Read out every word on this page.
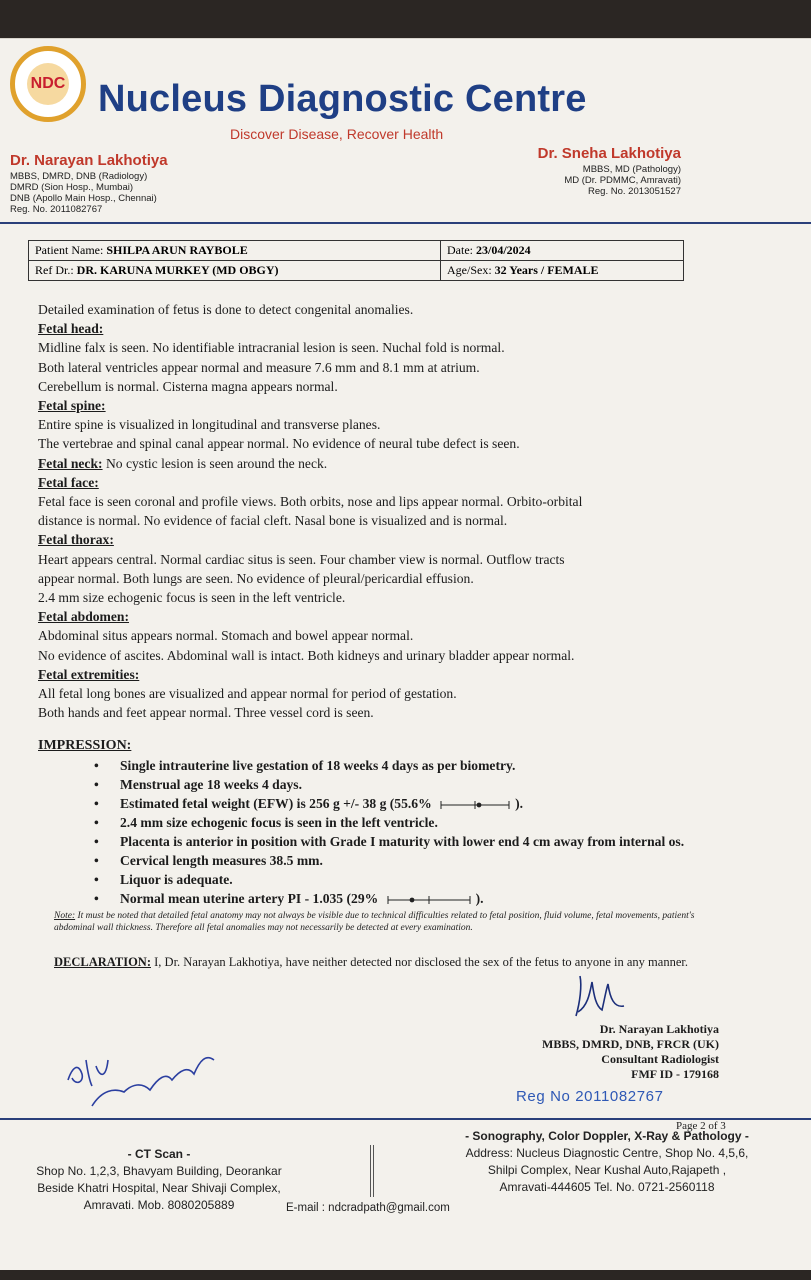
NDC Nucleus Diagnostic Centre
Discover Disease, Recover Health
Dr. Narayan Lakhotiya
MBBS, DMRD, DNB (Radiology)
DMRD (Sion Hosp., Mumbai)
DNB (Apollo Main Hosp., Chennai)
Reg. No. 2011082767
Dr. Sneha Lakhotiya
MBBS, MD (Pathology)
MD (Dr. PDMMC, Amravati)
Reg. No. 2013051527
Patient Name: SHILPA ARUN RAYBOLE	Date: 23/04/2024
Ref Dr.: DR. KARUNA MURKEY (MD OBGY)	Age/Sex: 32 Years / FEMALE

Detailed examination of fetus is done to detect congenital anomalies.

Fetal head:

Midline falx is seen. No identifiable intracranial lesion is seen. Nuchal fold is normal.

Both lateral ventricles appear normal and measure 7.6 mm and 8.1 mm at atrium.

Cerebellum is normal. Cisterna magna appears normal.

Fetal spine:

Entire spine is visualized in longitudinal and transverse planes.

The vertebrae and spinal canal appear normal. No evidence of neural tube defect is seen.

Fetal neck: No cystic lesion is seen around the neck.

Fetal face:

Fetal face is seen coronal and profile views. Both orbits, nose and lips appear normal. Orbito-orbital

distance is normal. No evidence of facial cleft. Nasal bone is visualized and is normal.

Fetal thorax:

Heart appears central. Normal cardiac situs is seen. Four chamber view is normal. Outflow tracts

appear normal. Both lungs are seen. No evidence of pleural/pericardial effusion.

2.4 mm size echogenic focus is seen in the left ventricle.

Fetal abdomen:

Abdominal situs appears normal. Stomach and bowel appear normal.

No evidence of ascites. Abdominal wall is intact. Both kidneys and urinary bladder appear normal.

Fetal extremities:

All fetal long bones are visualized and appear normal for period of gestation.

Both hands and feet appear normal. Three vessel cord is seen.

IMPRESSION:

• Single intrauterine live gestation of 18 weeks 4 days as per biometry.
• Menstrual age 18 weeks 4 days.
• Estimated fetal weight (EFW) is 256 g +/- 38 g (55.6%	).
• 2.4 mm size echogenic focus is seen in the left ventricle.
• Placenta is anterior in position with Grade I maturity with lower end 4 cm away from internal os.
• Cervical length measures 38.5 mm.
• Liquor is adequate.
• Normal mean uterine artery PI - 1.035 (29%	).
Note: It must be noted that detailed fetal anatomy may not always be visible due to technical difficulties related to fetal position, fluid volume, fetal movements, patient's abdominal wall thickness. Therefore all fetal anomalies may not necessarily be detected at every examination.
DECLARATION: I, Dr. Narayan Lakhotiya, have neither detected nor disclosed the sex of the fetus to anyone in any manner.
Dr. Narayan Lakhotiya
MBBS, DMRD, DNB, FRCR (UK)
Consultant Radiologist
FMF ID - 179168
Reg No 2011082767
Page 2 of 3
- CT Scan -
Shop No. 1,2,3, Bhavyam Building, Deorankar
Beside Khatri Hospital, Near Shivaji Complex,
Amravati. Mob. 8080205889
- Sonography, Color Doppler, X-Ray & Pathology -
Address: Nucleus Diagnostic Centre, Shop No. 4,5,6,
Shilpi Complex, Near Kushal Auto,Rajapeth ,
Amravati-444605 Tel. No. 0721-2560118
E-mail : ndcradpath@gmail.com
